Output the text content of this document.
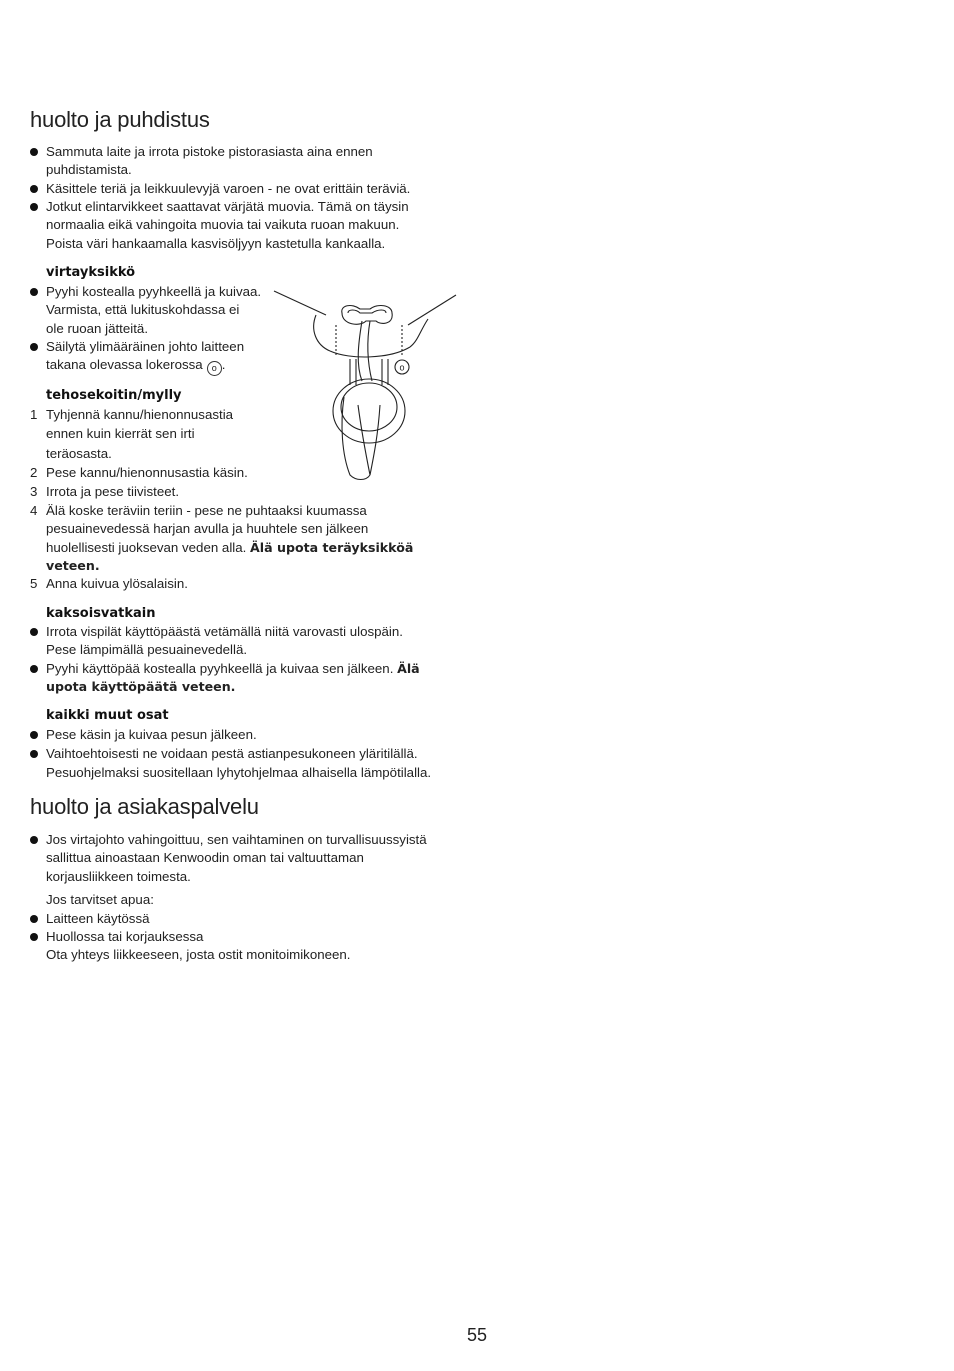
huolto ja puhdistus
Sammuta laite ja irrota pistoke pistorasiasta aina ennen
puhdistamista.
Käsittele teriä ja leikkuulevyjä varoen - ne ovat erittäin teräviä.
Jotkut elintarvikkeet saattavat värjätä muovia. Tämä on täysin
normaalia eikä vahingoita muovia tai vaikuta ruoan makuun.
Poista väri hankaamalla kasvisöljyyn kastetulla kankaalla.
virtayksikkö
Pyyhi kostealla pyyhkeellä ja kuivaa.
Varmista, että lukituskohdassa ei
ole ruoan jätteitä.
Säilytä ylimääräinen johto laitteen
takana olevassa lokerossa o .	o
tehosekoitin/mylly
1 Tyhjennä kannu/hienonnusastia
ennen kuin kierrät sen irti
teräosasta.
2 Pese kannu/hienonnusastia käsin.
3 Irrota ja pese tiivisteet.
4 Älä koske teräviin teriin - pese ne puhtaaksi kuumassa
pesuainevedessä harjan avulla ja huuhtele sen jälkeen
huolellisesti juoksevan veden alla. Älä upota teräyksikköä
veteen.
5 Anna kuivua ylösalaisin.
kaksoisvatkain
Irrota vispilät käyttöpäästä vetämällä niitä varovasti ulospäin.
Pese lämpimällä pesuainevedellä.
Pyyhi käyttöpää kostealla pyyhkeellä ja kuivaa sen jälkeen. Älä
upota käyttöpäätä veteen.
kaikki muut osat
Pese käsin ja kuivaa pesun jälkeen.
Vaihtoehtoisesti ne voidaan pestä astianpesukoneen yläritilällä.
Pesuohjelmaksi suositellaan lyhytohjelmaa alhaisella lämpötilalla.
huolto ja asiakaspalvelu
Jos virtajohto vahingoittuu, sen vaihtaminen on turvallisuussyistä
sallittua ainoastaan Kenwoodin oman tai valtuuttaman
korjausliikkeen toimesta.
Jos tarvitset apua:
Laitteen käytössä
Huollossa tai korjauksessa
Ota yhteys liikkeeseen, josta ostit monitoimikoneen.
55
